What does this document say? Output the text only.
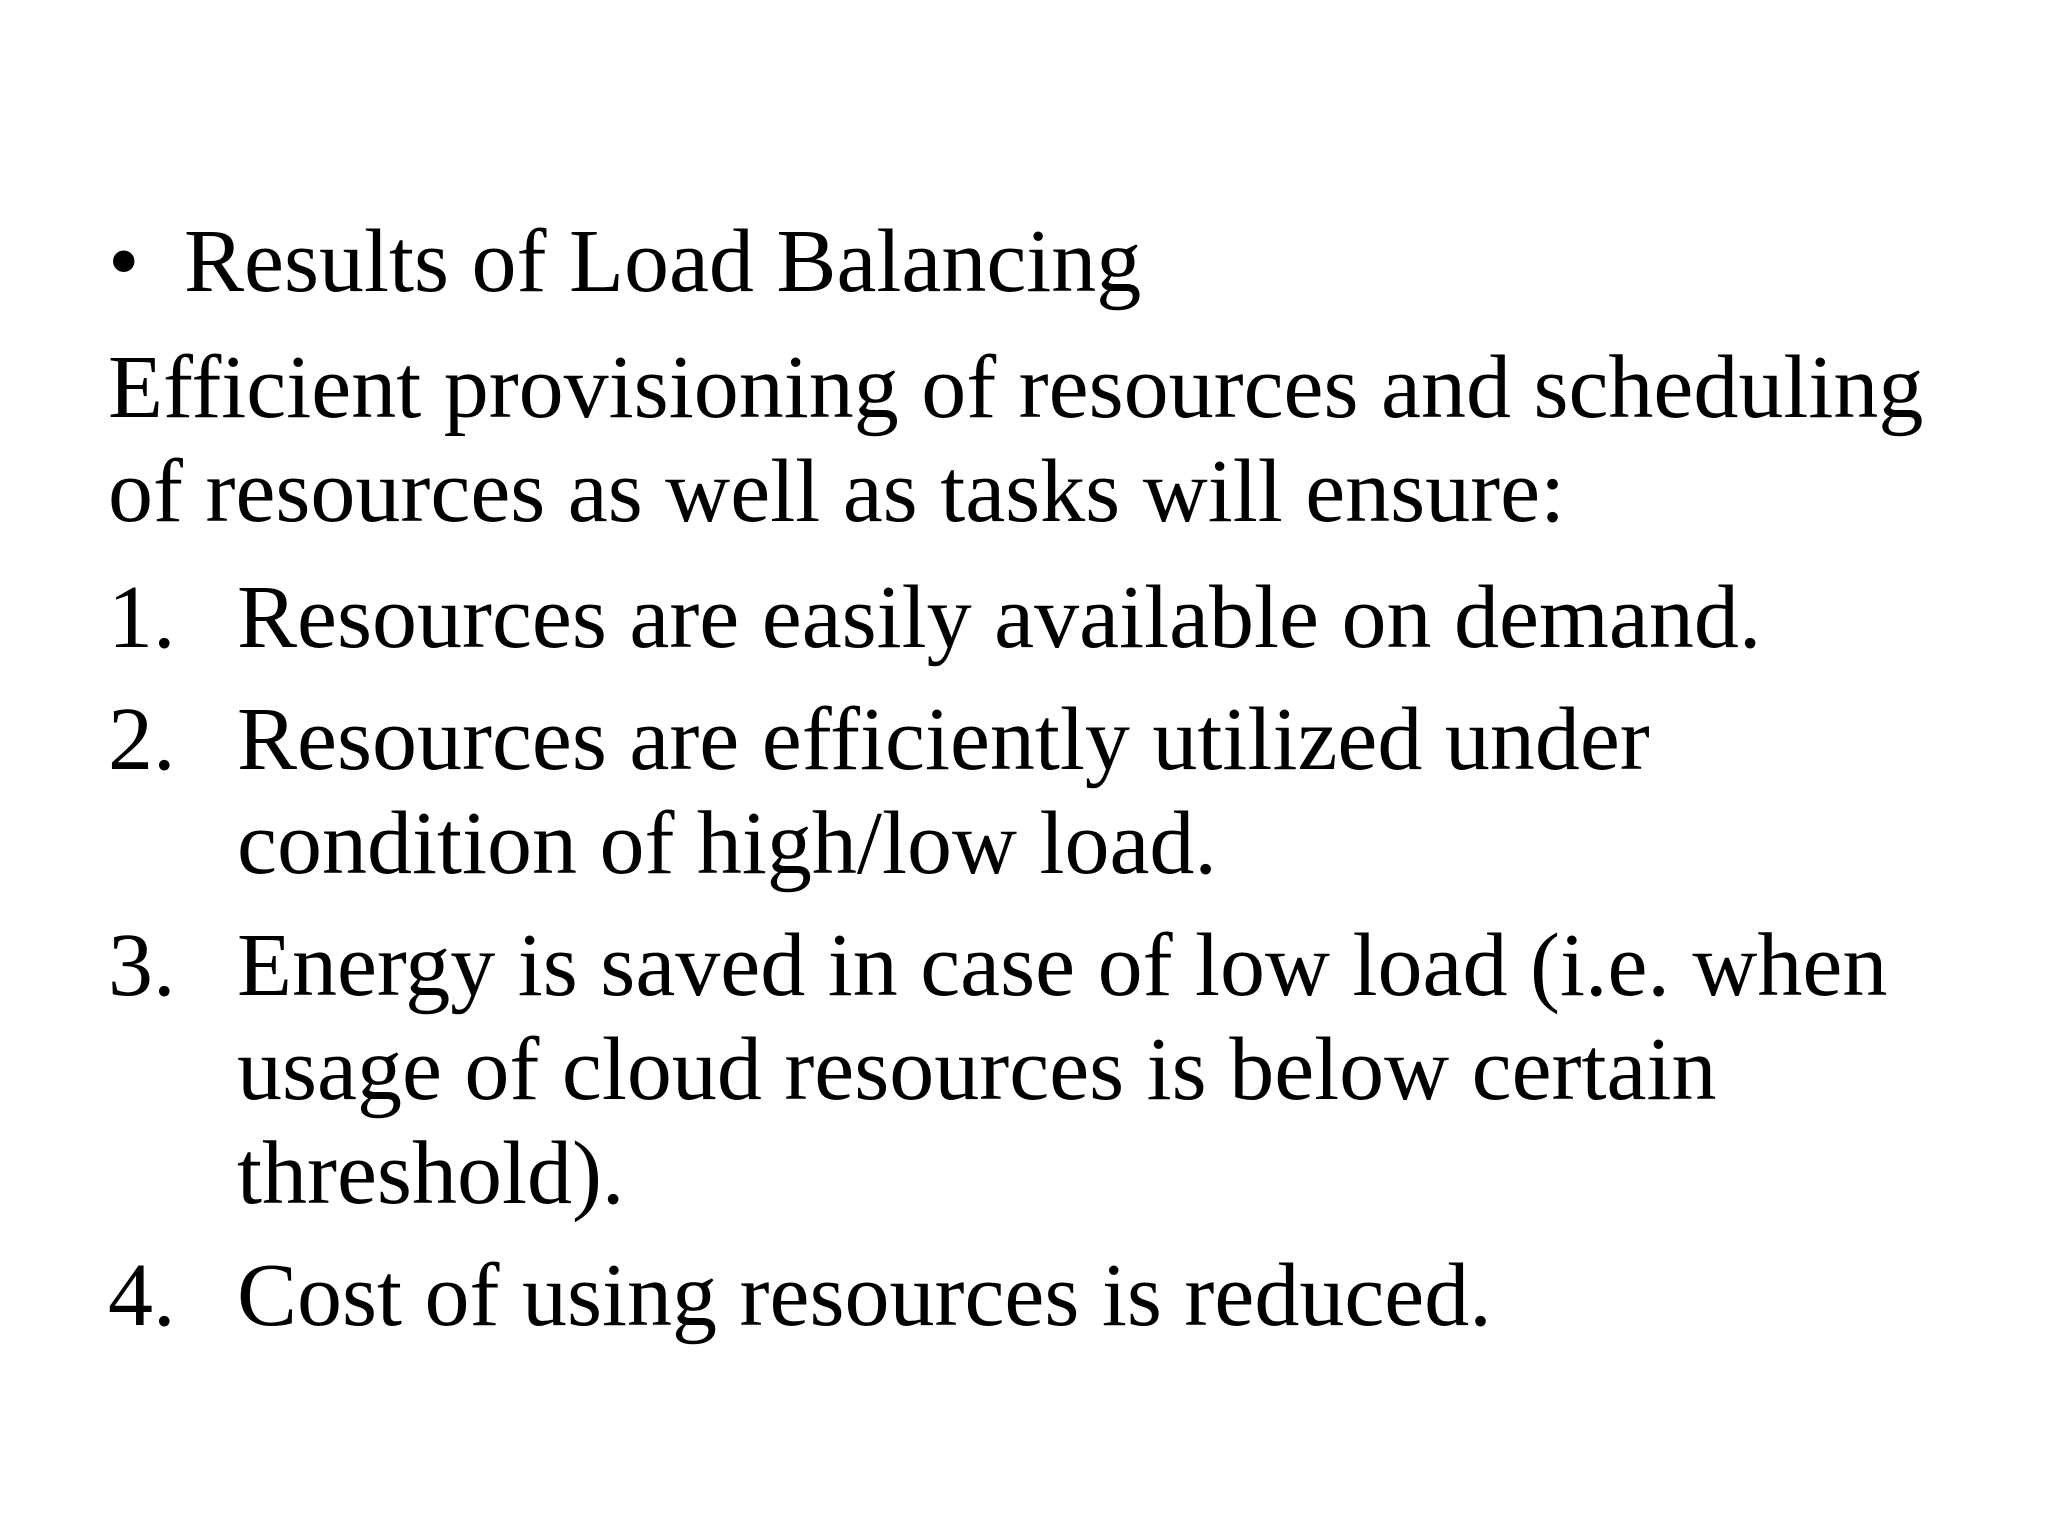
• Results of Load Balancing

Efficient provisioning of resources and scheduling

of resources as well as tasks will ensure:

1. Resources are easily available on demand.
2. Resources are efficiently utilized under
condition of high/low load.
3. Energy is saved in case of low load (i.e. when
usage of cloud resources is below certain
threshold).
4. Cost of using resources is reduced.
